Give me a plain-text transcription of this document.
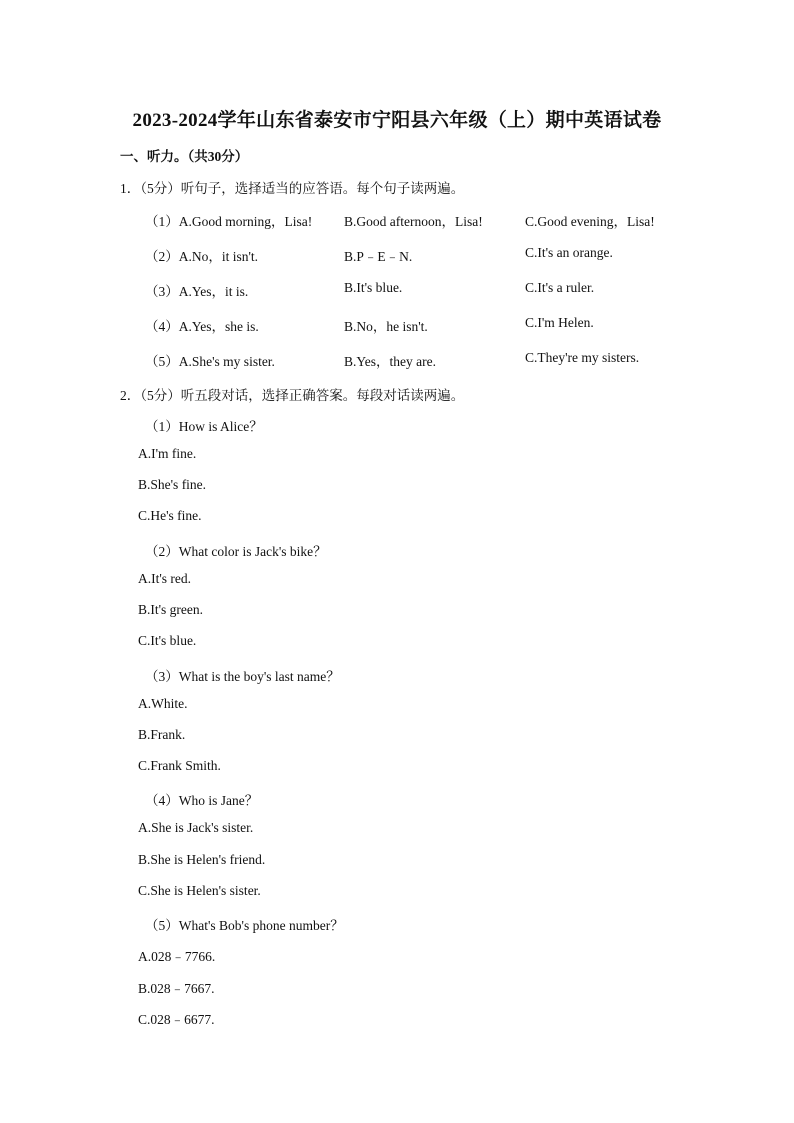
2023-2024学年山东省泰安市宁阳县六年级（上）期中英语试卷
一、听力。（共30分）
1．（5分）听句子，选择适当的应答语。每个句子读两遍。
（1）A.Good morning，Lisa! B.Good afternoon，Lisa!	C.Good evening，Lisa!
（2）A.No，it isn't.	B.P﹣E﹣N.	C.It's an orange.
（3）A.Yes，it is.	B.It's blue.	C.It's a ruler.
（4）A.Yes，she is.	B.No，he isn't.	C.I'm Helen.
（5）A.She's my sister.	B.Yes，they are.	C.They're my sisters.
2．（5分）听五段对话，选择正确答案。每段对话读两遍。
（1）How is Alice？
A.I'm fine.
B.She's fine.
C.He's fine.
（2）What color is Jack's bike？
A.It's red.
B.It's green.
C.It's blue.
（3）What is the boy's last name？
A.White.
B.Frank.
C.Frank Smith.
（4）Who is Jane？
A.She is Jack's sister.
B.She is Helen's friend.
C.She is Helen's sister.
（5）What's Bob's phone number？
A.028﹣7766.
B.028﹣7667.
C.028﹣6677.
